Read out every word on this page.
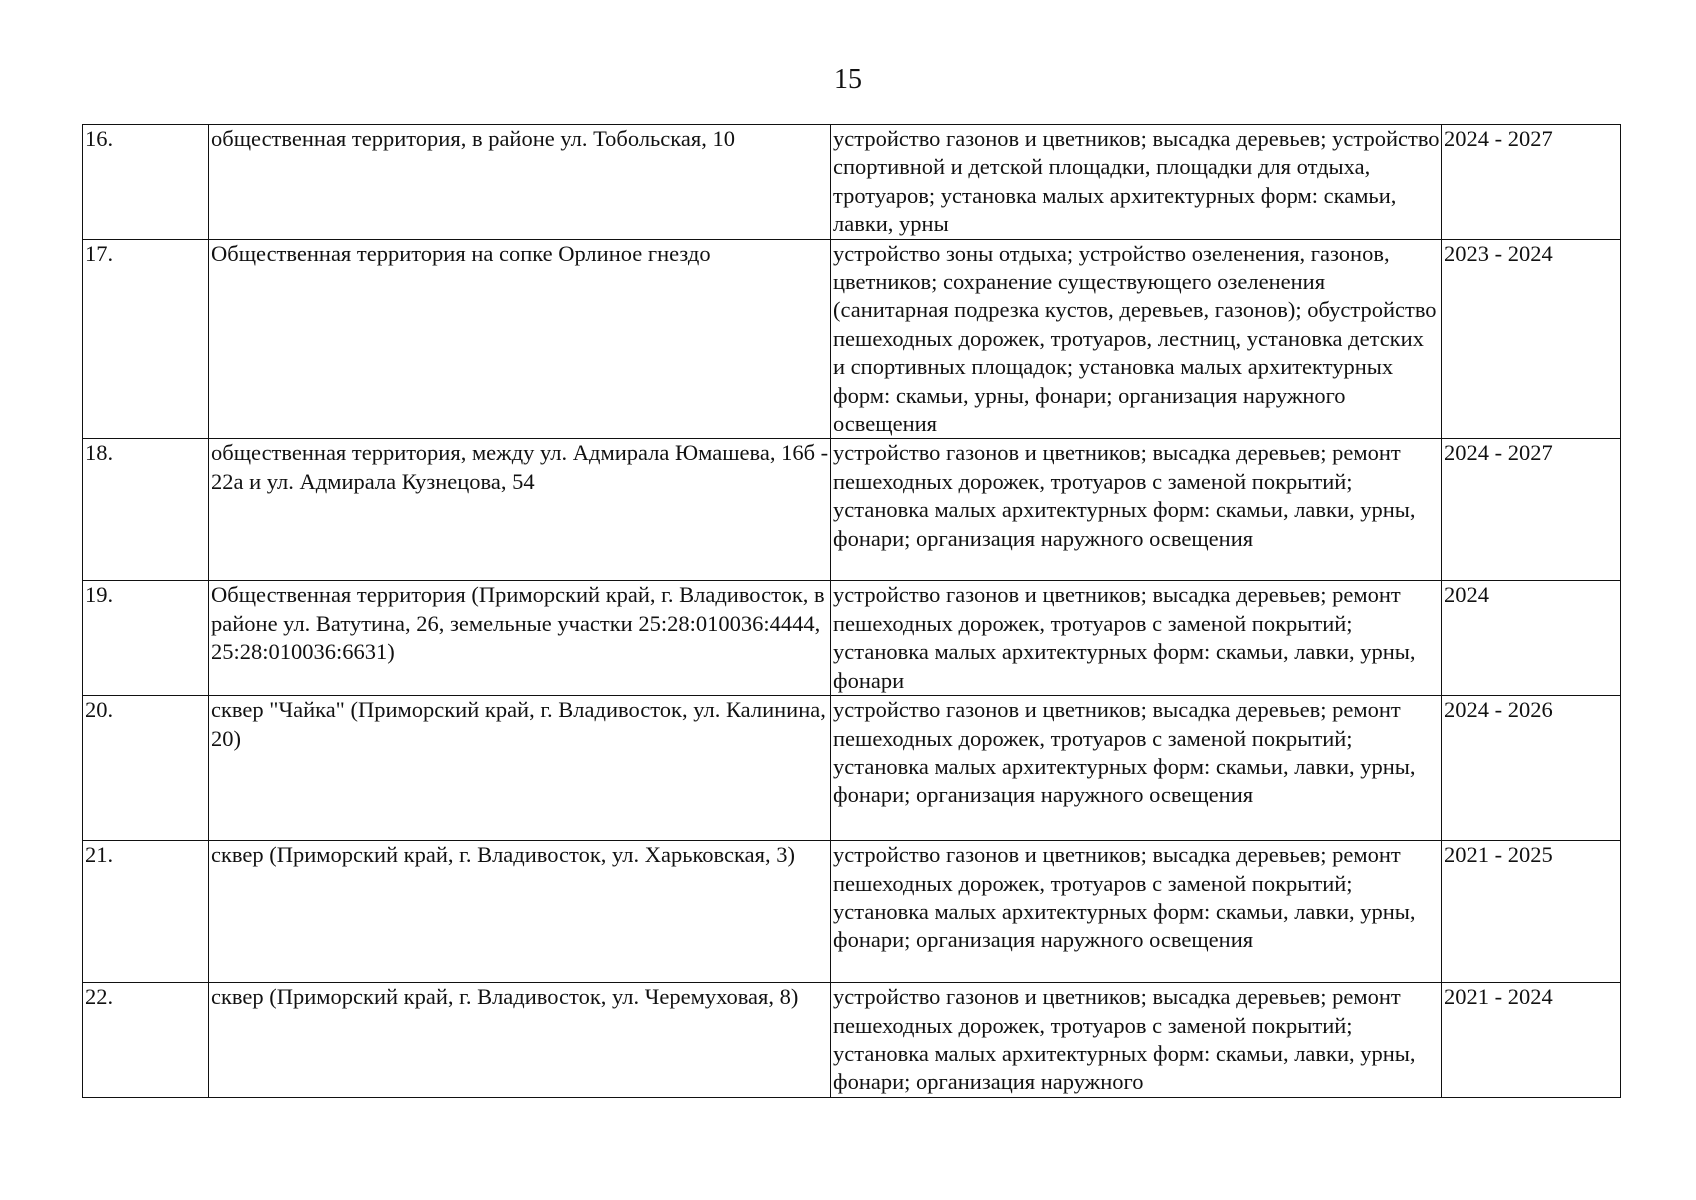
15
16.	общественная территория, в районе ул. Тобольская, 10	устройство газонов и цветников; высадка деревьев; устройство спортивной и детской площадки, площадки для отдыха, тротуаров; установка малых архитектурных форм: скамьи, лавки, урны	2024 - 2027

17.	Общественная территория на сопке Орлиное гнездо	устройство зоны отдыха; устройство озеленения, газонов, цветников; сохранение существующего озеленения (санитарная подрезка кустов, деревьев, газонов); обустройство пешеходных дорожек, тротуаров, лестниц, установка детских и спортивных площадок; установка малых архитектурных форм: скамьи, урны, фонари; организация наружного освещения	2023 - 2024

18.	общественная территория, между ул. Адмирала Юмашева, 16б - 22а и ул. Адмирала Кузнецова, 54	устройство газонов и цветников; высадка деревьев; ремонт пешеходных дорожек, тротуаров с заменой покрытий; установка малых архитектурных форм: скамьи, лавки, урны, фонари; организация наружного освещения	2024 - 2027

19.	Общественная территория (Приморский край, г. Владивосток, в районе ул. Ватутина, 26, земельные участки 25:28:010036:4444, 25:28:010036:6631)	устройство газонов и цветников; высадка деревьев; ремонт пешеходных дорожек, тротуаров с заменой покрытий; установка малых архитектурных форм: скамьи, лавки, урны, фонари	2024

20.	сквер "Чайка" (Приморский край, г. Владивосток, ул. Калинина, 20)	устройство газонов и цветников; высадка деревьев; ремонт пешеходных дорожек, тротуаров с заменой покрытий; установка малых архитектурных форм: скамьи, лавки, урны, фонари; организация наружного освещения	2024 - 2026

21.	сквер (Приморский край, г. Владивосток, ул. Харьковская, 3)	устройство газонов и цветников; высадка деревьев; ремонт пешеходных дорожек, тротуаров с заменой покрытий; установка малых архитектурных форм: скамьи, лавки, урны, фонари; организация наружного освещения	2021 - 2025

22.	сквер (Приморский край, г. Владивосток, ул. Черемуховая, 8)	устройство газонов и цветников; высадка деревьев; ремонт пешеходных дорожек, тротуаров с заменой покрытий; установка малых архитектурных форм: скамьи, лавки, урны, фонари; организация наружного	2021 - 2024
